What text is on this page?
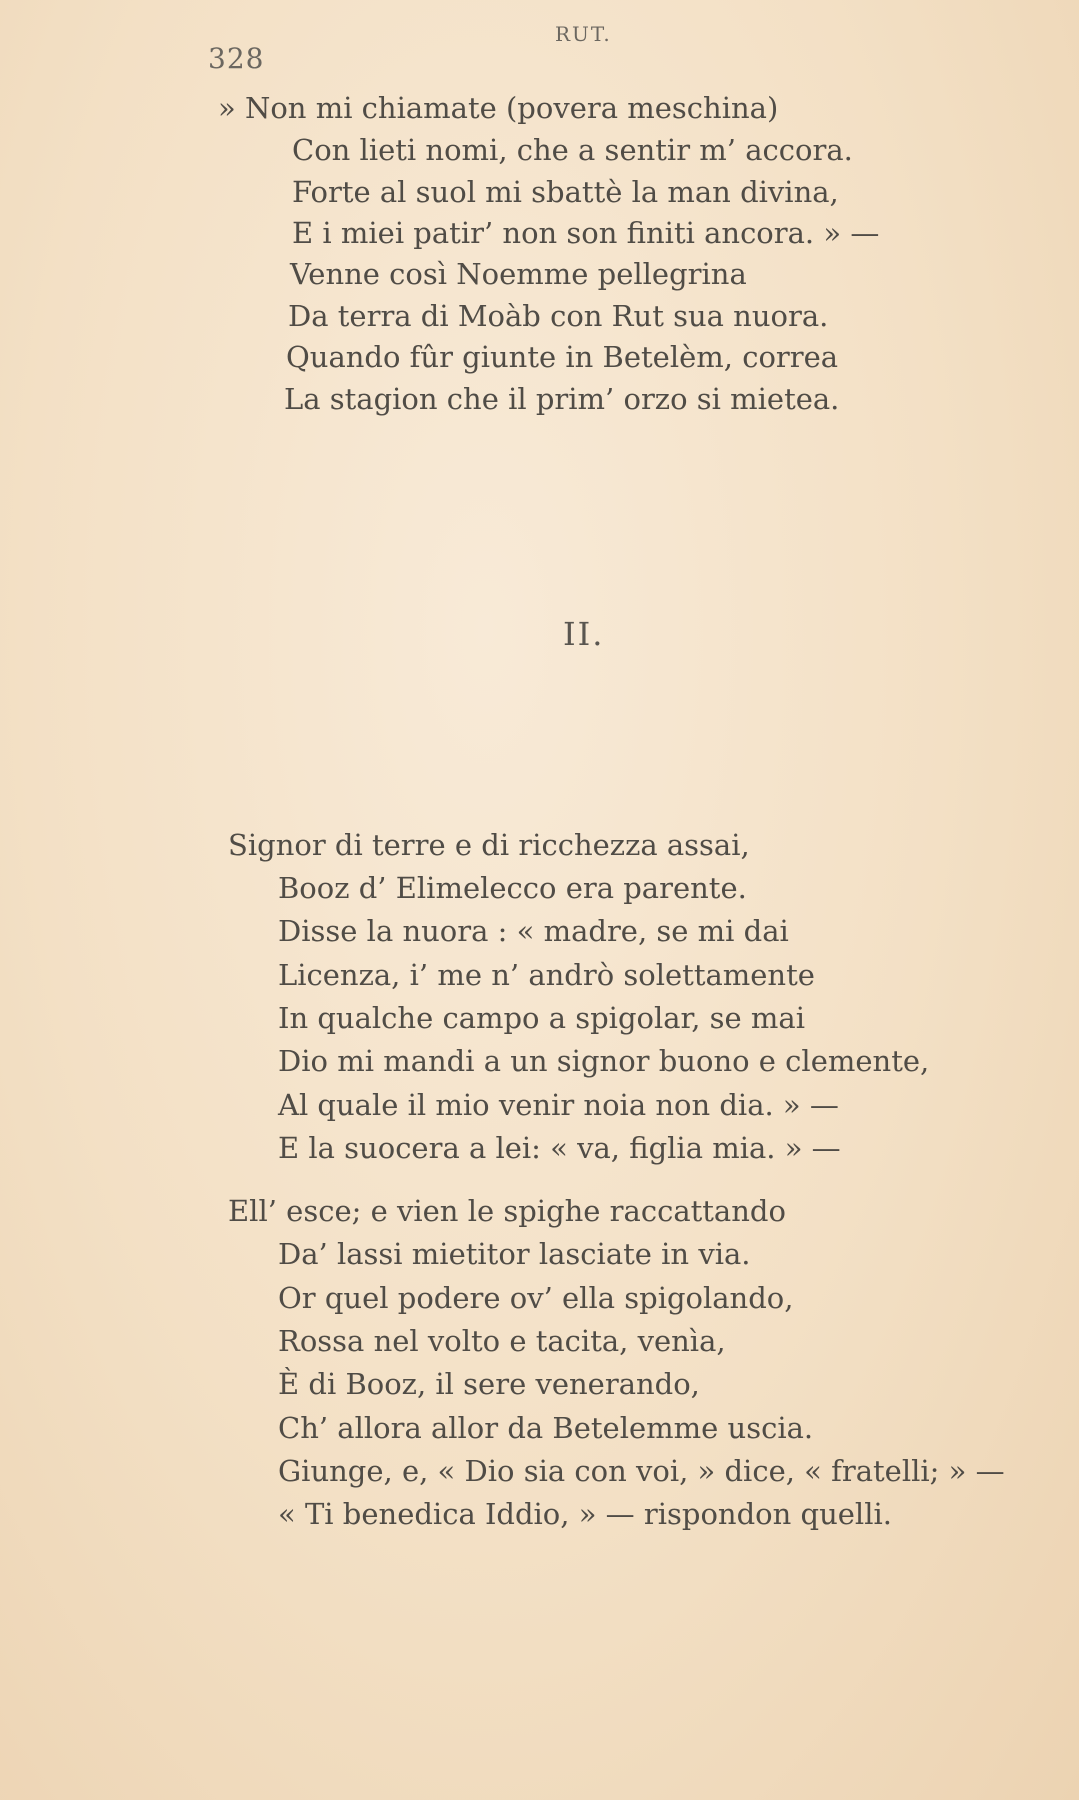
328
RUT.
» Non mi chiamate (povera meschina)
Con lieti nomi, che a sentir m’ accora.
Forte al suol mi sbattè la man divina,
E i miei patir’ non son finiti ancora. » —
Venne così Noemme pellegrina
Da terra di Moàb con Rut sua nuora.
Quando fûr giunte in Betelèm, correa
La stagion che il prim’ orzo si mietea.
II.
Signor di terre e di ricchezza assai,
Booz d’ Elimelecco era parente.
Disse la nuora : « madre, se mi dai
Licenza, i’ me n’ andrò solettamente
In qualche campo a spigolar, se mai
Dio mi mandi a un signor buono e clemente,
Al quale il mio venir noia non dia. » —
E la suocera a lei: « va, figlia mia. » —
Ell’ esce; e vien le spighe raccattando
Da’ lassi mietitor lasciate in via.
Or quel podere ov’ ella spigolando,
Rossa nel volto e tacita, venìa,
È di Booz, il sere venerando,
Ch’ allora allor da Betelemme uscia.
Giunge, e, « Dio sia con voi, » dice, « fratelli; » —
« Ti benedica Iddio, » — rispondon quelli.
